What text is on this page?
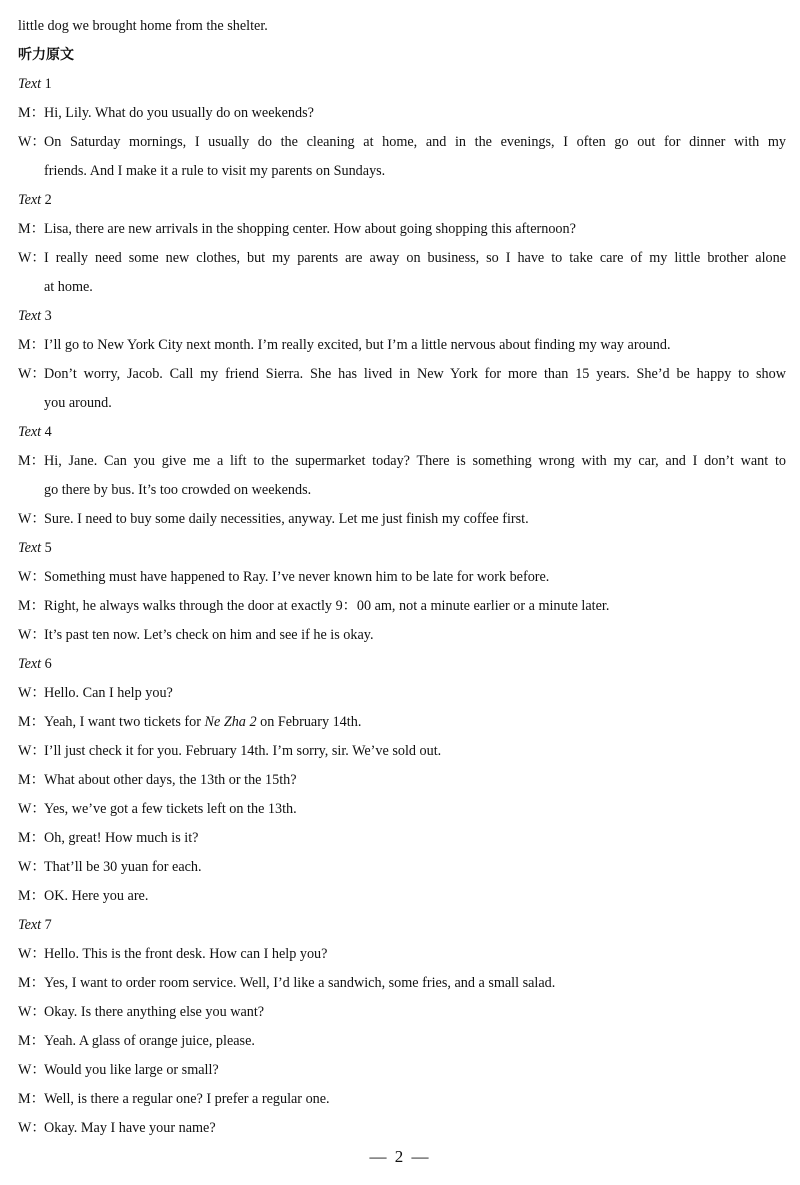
little dog we brought home from the shelter.
听力原文
Text 1
M：Hi, Lily. What do you usually do on weekends?
W：On Saturday mornings, I usually do the cleaning at home, and in the evenings, I often go out for dinner with my
friends. And I make it a rule to visit my parents on Sundays.
Text 2
M：Lisa, there are new arrivals in the shopping center. How about going shopping this afternoon?
W：I really need some new clothes, but my parents are away on business, so I have to take care of my little brother alone
at home.
Text 3
M：I’ll go to New York City next month. I’m really excited, but I’m a little nervous about finding my way around.
W：Don’t worry, Jacob. Call my friend Sierra. She has lived in New York for more than 15 years. She’d be happy to show
you around.
Text 4
M：Hi, Jane. Can you give me a lift to the supermarket today? There is something wrong with my car, and I don’t want to
go there by bus. It’s too crowded on weekends.
W：Sure. I need to buy some daily necessities, anyway. Let me just finish my coffee first.
Text 5
W：Something must have happened to Ray. I’ve never known him to be late for work before.
M：Right, he always walks through the door at exactly 9：00 am, not a minute earlier or a minute later.
W：It’s past ten now. Let’s check on him and see if he is okay.
Text 6
W：Hello. Can I help you?
M：Yeah, I want two tickets for Ne Zha 2 on February 14th.
W：I’ll just check it for you. February 14th. I’m sorry, sir. We’ve sold out.
M：What about other days, the 13th or the 15th?
W：Yes, we’ve got a few tickets left on the 13th.
M：Oh, great! How much is it?
W：That’ll be 30 yuan for each.
M：OK. Here you are.
Text 7
W：Hello. This is the front desk. How can I help you?
M：Yes, I want to order room service. Well, I’d like a sandwich, some fries, and a small salad.
W：Okay. Is there anything else you want?
M：Yeah. A glass of orange juice, please.
W：Would you like large or small?
M：Well, is there a regular one? I prefer a regular one.
W：Okay. May I have your name?
— 2 —
